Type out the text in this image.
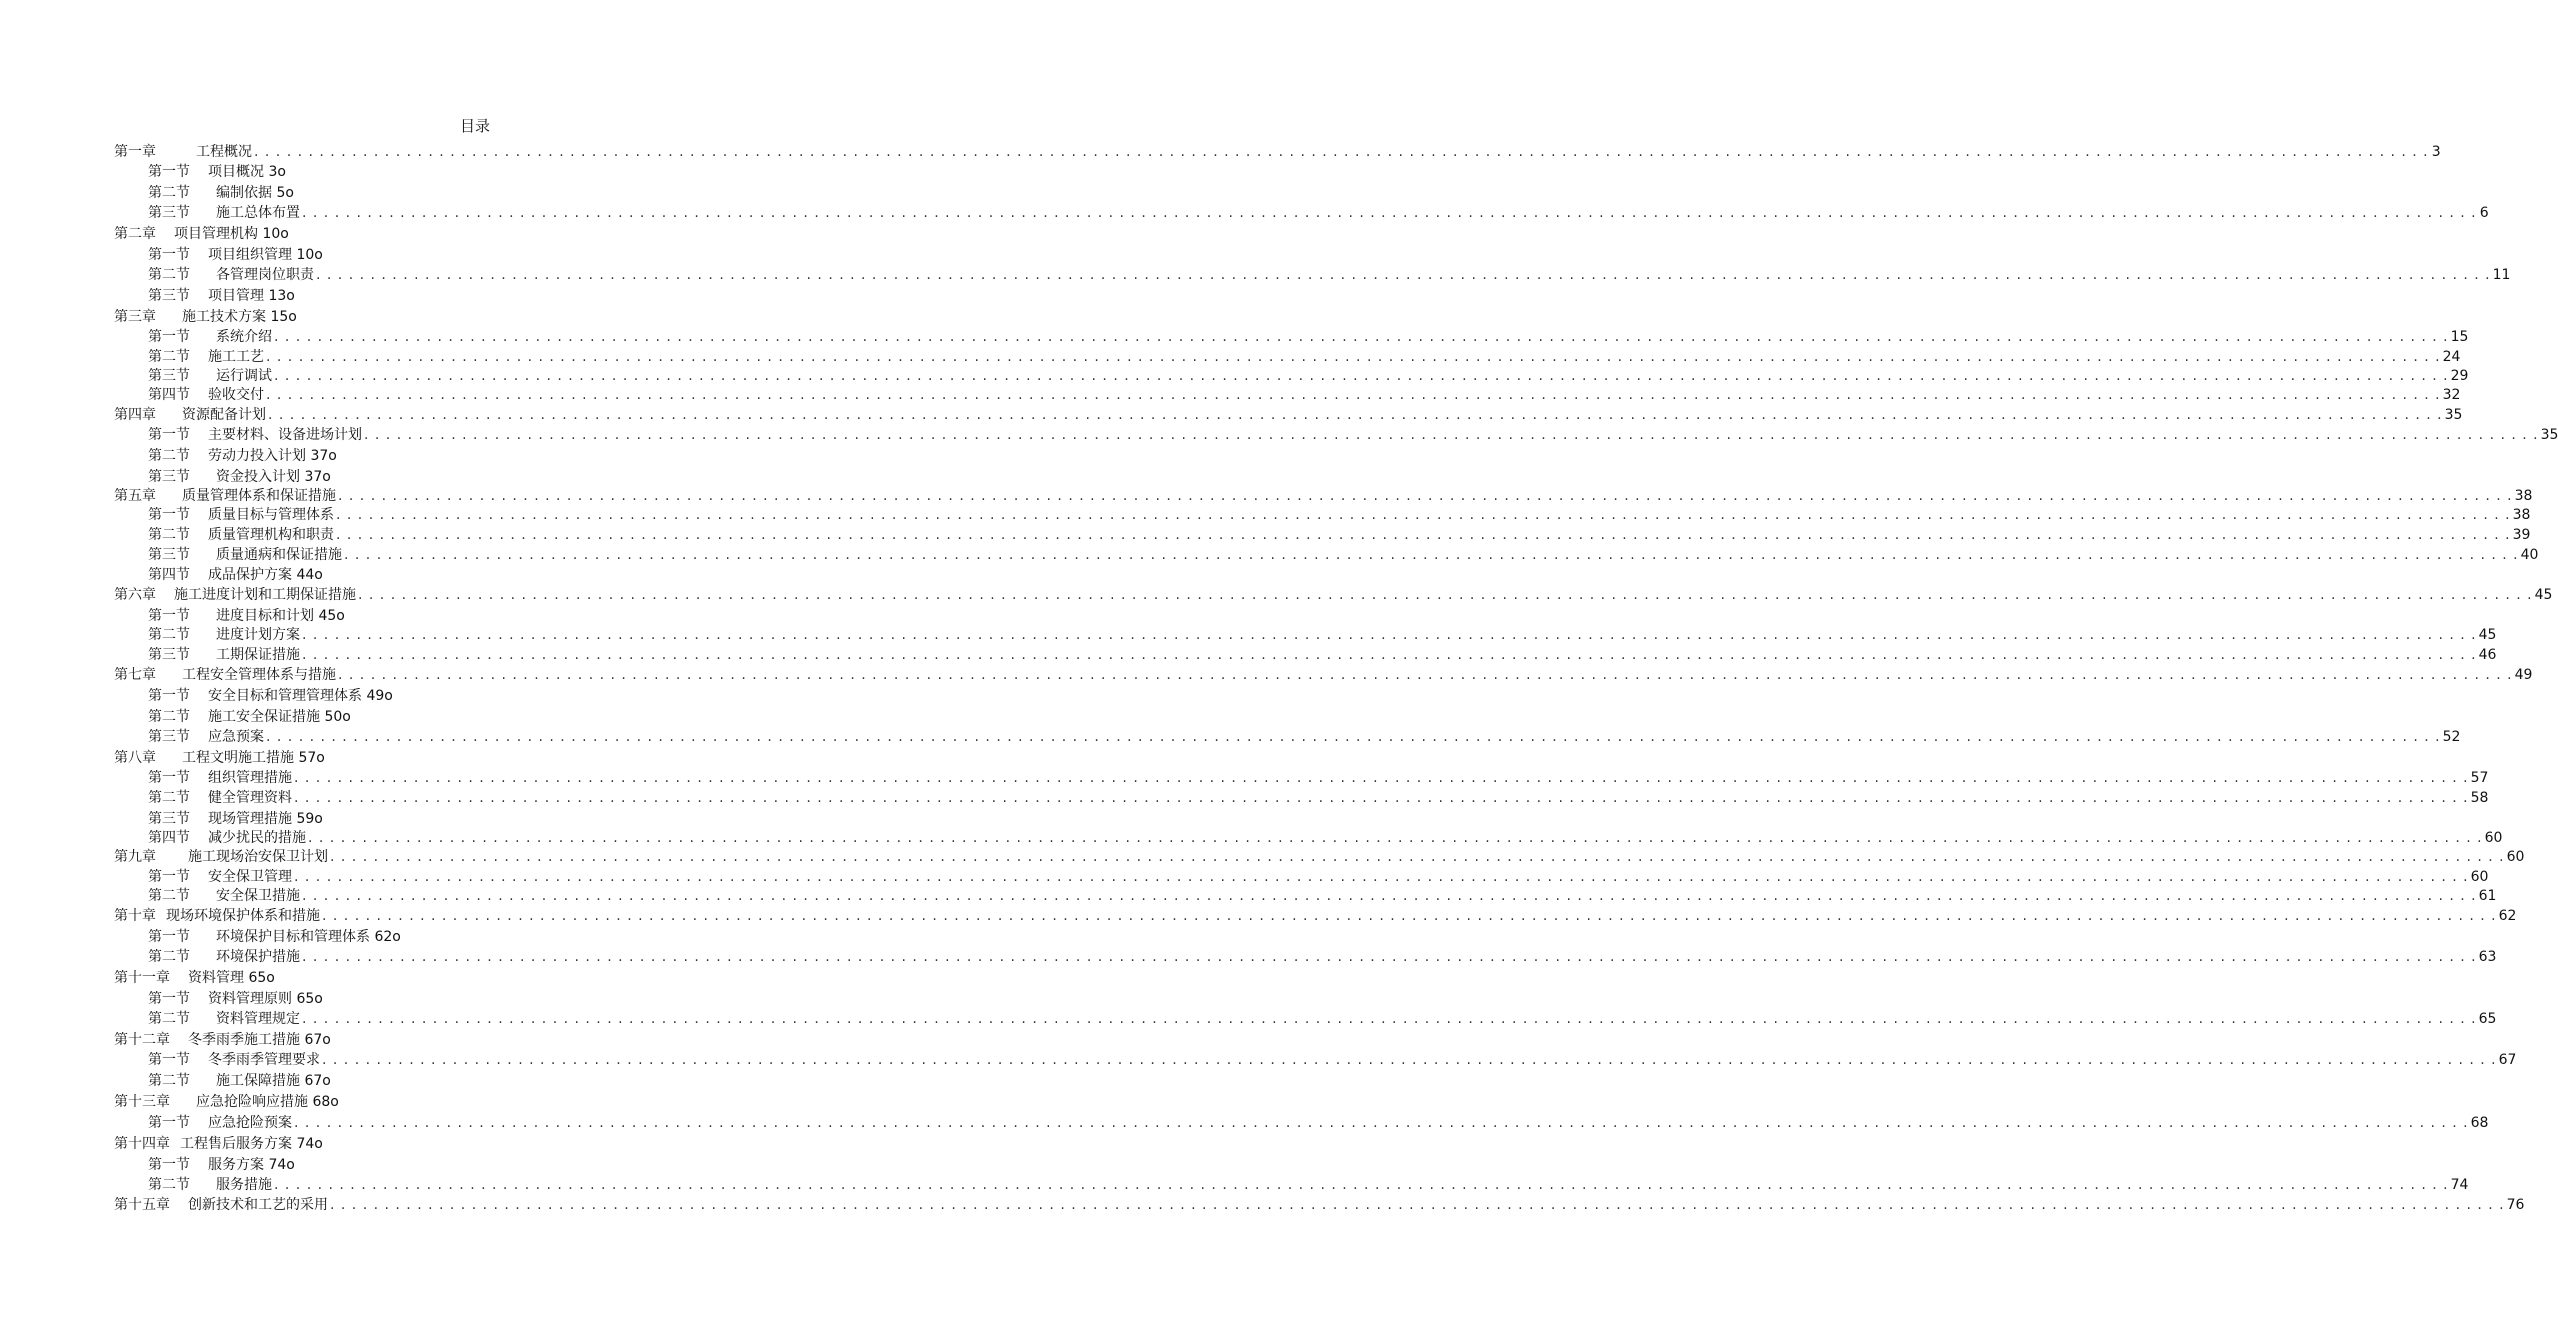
目录
第一章	工程概况 . . . . . . . . . . . . . . . . . . . . . . . . . . . . . . . . . . . . . . . . . . . . . . . . . . . . . . . . . . . . . . . . . . . . . . . . . . . . . . . . . . . . . . . . . . . . . . . . . . . . . . . . . . . . . . . . . . . . . . . . . . . . . . . . . . . . . . . . . . . . . . . . . . . . . . . . . . . . . . . . . . . . . . . . . . . . . . . . . . . . . . . . . . . . . . . . . . . . . . . . 3
第一节 项目概况 3o
第二节 编制依据 5o
第三节 施工总体布置 . . . . . . . . . . . . . . . . . . . . . . . . . . . . . . . . . . . . . . . . . . . . . . . . . . . . . . . . . . . . . . . . . . . . . . . . . . . . . . . . . . . . . . . . . . . . . . . . . . . . . . . . . . . . . . . . . . . . . . . . . . . . . . . . . . . . . . . . . . . . . . . . . . . . . . . . . . . . . . . . . . . . . . . . . . . . . . . . . . . . . . . . . . . . . . . . . . . . . . . . 6
第二章 项目管理机构 10o
第一节 项目组织管理 10o
第二节 各管理岗位职责 . . . . . . . . . . . . . . . . . . . . . . . . . . . . . . . . . . . . . . . . . . . . . . . . . . . . . . . . . . . . . . . . . . . . . . . . . . . . . . . . . . . . . . . . . . . . . . . . . . . . . . . . . . . . . . . . . . . . . . . . . . . . . . . . . . . . . . . . . . . . . . . . . . . . . . . . . . . . . . . . . . . . . . . . . . . . . . . . . . . . . . . . . . . . . . . . . . . . . . . . 11
第三节 项目管理 13o
第三章 施工技术方案 15o
第一节 系统介绍 . . . . . . . . . . . . . . . . . . . . . . . . . . . . . . . . . . . . . . . . . . . . . . . . . . . . . . . . . . . . . . . . . . . . . . . . . . . . . . . . . . . . . . . . . . . . . . . . . . . . . . . . . . . . . . . . . . . . . . . . . . . . . . . . . . . . . . . . . . . . . . . . . . . . . . . . . . . . . . . . . . . . . . . . . . . . . . . . . . . . . . . . . . . . . . . . . . . . . . . . 15
第二节 施工工艺 . . . . . . . . . . . . . . . . . . . . . . . . . . . . . . . . . . . . . . . . . . . . . . . . . . . . . . . . . . . . . . . . . . . . . . . . . . . . . . . . . . . . . . . . . . . . . . . . . . . . . . . . . . . . . . . . . . . . . . . . . . . . . . . . . . . . . . . . . . . . . . . . . . . . . . . . . . . . . . . . . . . . . . . . . . . . . . . . . . . . . . . . . . . . . . . . . . . . . . . . 24
第三节 运行调试 . . . . . . . . . . . . . . . . . . . . . . . . . . . . . . . . . . . . . . . . . . . . . . . . . . . . . . . . . . . . . . . . . . . . . . . . . . . . . . . . . . . . . . . . . . . . . . . . . . . . . . . . . . . . . . . . . . . . . . . . . . . . . . . . . . . . . . . . . . . . . . . . . . . . . . . . . . . . . . . . . . . . . . . . . . . . . . . . . . . . . . . . . . . . . . . . . . . . . . . . 29
第四节 验收交付 . . . . . . . . . . . . . . . . . . . . . . . . . . . . . . . . . . . . . . . . . . . . . . . . . . . . . . . . . . . . . . . . . . . . . . . . . . . . . . . . . . . . . . . . . . . . . . . . . . . . . . . . . . . . . . . . . . . . . . . . . . . . . . . . . . . . . . . . . . . . . . . . . . . . . . . . . . . . . . . . . . . . . . . . . . . . . . . . . . . . . . . . . . . . . . . . . . . . . . . . 32
第四章 资源配备计划 . . . . . . . . . . . . . . . . . . . . . . . . . . . . . . . . . . . . . . . . . . . . . . . . . . . . . . . . . . . . . . . . . . . . . . . . . . . . . . . . . . . . . . . . . . . . . . . . . . . . . . . . . . . . . . . . . . . . . . . . . . . . . . . . . . . . . . . . . . . . . . . . . . . . . . . . . . . . . . . . . . . . . . . . . . . . . . . . . . . . . . . . . . . . . . . . . . . . . . . . 35
第一节 主要材料、设备进场计划 . . . . . . . . . . . . . . . . . . . . . . . . . . . . . . . . . . . . . . . . . . . . . . . . . . . . . . . . . . . . . . . . . . . . . . . . . . . . . . . . . . . . . . . . . . . . . . . . . . . . . . . . . . . . . . . . . . . . . . . . . . . . . . . . . . . . . . . . . . . . . . . . . . . . . . . . . . . . . . . . . . . . . . . . . . . . . . . . . . . . . . . . . . . . . . . . . . . . . . . . 35
第二节 劳动力投入计划 37o
第三节 资金投入计划 37o
第五章 质量管理体系和保证措施 . . . . . . . . . . . . . . . . . . . . . . . . . . . . . . . . . . . . . . . . . . . . . . . . . . . . . . . . . . . . . . . . . . . . . . . . . . . . . . . . . . . . . . . . . . . . . . . . . . . . . . . . . . . . . . . . . . . . . . . . . . . . . . . . . . . . . . . . . . . . . . . . . . . . . . . . . . . . . . . . . . . . . . . . . . . . . . . . . . . . . . . . . . . . . . . . . . . . . . . . 38
第一节 质量目标与管理体系 . . . . . . . . . . . . . . . . . . . . . . . . . . . . . . . . . . . . . . . . . . . . . . . . . . . . . . . . . . . . . . . . . . . . . . . . . . . . . . . . . . . . . . . . . . . . . . . . . . . . . . . . . . . . . . . . . . . . . . . . . . . . . . . . . . . . . . . . . . . . . . . . . . . . . . . . . . . . . . . . . . . . . . . . . . . . . . . . . . . . . . . . . . . . . . . . . . . . . . . . 38
第二节 质量管理机构和职责 . . . . . . . . . . . . . . . . . . . . . . . . . . . . . . . . . . . . . . . . . . . . . . . . . . . . . . . . . . . . . . . . . . . . . . . . . . . . . . . . . . . . . . . . . . . . . . . . . . . . . . . . . . . . . . . . . . . . . . . . . . . . . . . . . . . . . . . . . . . . . . . . . . . . . . . . . . . . . . . . . . . . . . . . . . . . . . . . . . . . . . . . . . . . . . . . . . . . . . . . 39
第三节 质量通病和保证措施 . . . . . . . . . . . . . . . . . . . . . . . . . . . . . . . . . . . . . . . . . . . . . . . . . . . . . . . . . . . . . . . . . . . . . . . . . . . . . . . . . . . . . . . . . . . . . . . . . . . . . . . . . . . . . . . . . . . . . . . . . . . . . . . . . . . . . . . . . . . . . . . . . . . . . . . . . . . . . . . . . . . . . . . . . . . . . . . . . . . . . . . . . . . . . . . . . . . . . . . . 40
第四节 成品保护方案 44o
第六章 施工进度计划和工期保证措施 . . . . . . . . . . . . . . . . . . . . . . . . . . . . . . . . . . . . . . . . . . . . . . . . . . . . . . . . . . . . . . . . . . . . . . . . . . . . . . . . . . . . . . . . . . . . . . . . . . . . . . . . . . . . . . . . . . . . . . . . . . . . . . . . . . . . . . . . . . . . . . . . . . . . . . . . . . . . . . . . . . . . . . . . . . . . . . . . . . . . . . . . . . . . . . . . . . . . . . . . 45
第一节 进度目标和计划 45o
第二节 进度计划方案 . . . . . . . . . . . . . . . . . . . . . . . . . . . . . . . . . . . . . . . . . . . . . . . . . . . . . . . . . . . . . . . . . . . . . . . . . . . . . . . . . . . . . . . . . . . . . . . . . . . . . . . . . . . . . . . . . . . . . . . . . . . . . . . . . . . . . . . . . . . . . . . . . . . . . . . . . . . . . . . . . . . . . . . . . . . . . . . . . . . . . . . . . . . . . . . . . . . . . . . . 45
第三节 工期保证措施 . . . . . . . . . . . . . . . . . . . . . . . . . . . . . . . . . . . . . . . . . . . . . . . . . . . . . . . . . . . . . . . . . . . . . . . . . . . . . . . . . . . . . . . . . . . . . . . . . . . . . . . . . . . . . . . . . . . . . . . . . . . . . . . . . . . . . . . . . . . . . . . . . . . . . . . . . . . . . . . . . . . . . . . . . . . . . . . . . . . . . . . . . . . . . . . . . . . . . . . . 46
第七章 工程安全管理体系与措施 . . . . . . . . . . . . . . . . . . . . . . . . . . . . . . . . . . . . . . . . . . . . . . . . . . . . . . . . . . . . . . . . . . . . . . . . . . . . . . . . . . . . . . . . . . . . . . . . . . . . . . . . . . . . . . . . . . . . . . . . . . . . . . . . . . . . . . . . . . . . . . . . . . . . . . . . . . . . . . . . . . . . . . . . . . . . . . . . . . . . . . . . . . . . . . . . . . . . . . . . 49
第一节 安全目标和管理管理体系 49o
第二节 施工安全保证措施 50o
第三节 应急预案 . . . . . . . . . . . . . . . . . . . . . . . . . . . . . . . . . . . . . . . . . . . . . . . . . . . . . . . . . . . . . . . . . . . . . . . . . . . . . . . . . . . . . . . . . . . . . . . . . . . . . . . . . . . . . . . . . . . . . . . . . . . . . . . . . . . . . . . . . . . . . . . . . . . . . . . . . . . . . . . . . . . . . . . . . . . . . . . . . . . . . . . . . . . . . . . . . . . . . . . . 52
第八章 工程文明施工措施 57o
第一节 组织管理措施 . . . . . . . . . . . . . . . . . . . . . . . . . . . . . . . . . . . . . . . . . . . . . . . . . . . . . . . . . . . . . . . . . . . . . . . . . . . . . . . . . . . . . . . . . . . . . . . . . . . . . . . . . . . . . . . . . . . . . . . . . . . . . . . . . . . . . . . . . . . . . . . . . . . . . . . . . . . . . . . . . . . . . . . . . . . . . . . . . . . . . . . . . . . . . . . . . . . . . . . . 57
第二节 健全管理资料 . . . . . . . . . . . . . . . . . . . . . . . . . . . . . . . . . . . . . . . . . . . . . . . . . . . . . . . . . . . . . . . . . . . . . . . . . . . . . . . . . . . . . . . . . . . . . . . . . . . . . . . . . . . . . . . . . . . . . . . . . . . . . . . . . . . . . . . . . . . . . . . . . . . . . . . . . . . . . . . . . . . . . . . . . . . . . . . . . . . . . . . . . . . . . . . . . . . . . . . . 58
第三节 现场管理措施 59o
第四节 减少扰民的措施 . . . . . . . . . . . . . . . . . . . . . . . . . . . . . . . . . . . . . . . . . . . . . . . . . . . . . . . . . . . . . . . . . . . . . . . . . . . . . . . . . . . . . . . . . . . . . . . . . . . . . . . . . . . . . . . . . . . . . . . . . . . . . . . . . . . . . . . . . . . . . . . . . . . . . . . . . . . . . . . . . . . . . . . . . . . . . . . . . . . . . . . . . . . . . . . . . . . . . . . . 60
第九章 施工现场治安保卫计划 . . . . . . . . . . . . . . . . . . . . . . . . . . . . . . . . . . . . . . . . . . . . . . . . . . . . . . . . . . . . . . . . . . . . . . . . . . . . . . . . . . . . . . . . . . . . . . . . . . . . . . . . . . . . . . . . . . . . . . . . . . . . . . . . . . . . . . . . . . . . . . . . . . . . . . . . . . . . . . . . . . . . . . . . . . . . . . . . . . . . . . . . . . . . . . . . . . . . . . . . 60
第一节 安全保卫管理 . . . . . . . . . . . . . . . . . . . . . . . . . . . . . . . . . . . . . . . . . . . . . . . . . . . . . . . . . . . . . . . . . . . . . . . . . . . . . . . . . . . . . . . . . . . . . . . . . . . . . . . . . . . . . . . . . . . . . . . . . . . . . . . . . . . . . . . . . . . . . . . . . . . . . . . . . . . . . . . . . . . . . . . . . . . . . . . . . . . . . . . . . . . . . . . . . . . . . . . . 60
第二节 安全保卫措施 . . . . . . . . . . . . . . . . . . . . . . . . . . . . . . . . . . . . . . . . . . . . . . . . . . . . . . . . . . . . . . . . . . . . . . . . . . . . . . . . . . . . . . . . . . . . . . . . . . . . . . . . . . . . . . . . . . . . . . . . . . . . . . . . . . . . . . . . . . . . . . . . . . . . . . . . . . . . . . . . . . . . . . . . . . . . . . . . . . . . . . . . . . . . . . . . . . . . . . . . 61
第十章 现场环境保护体系和措施 . . . . . . . . . . . . . . . . . . . . . . . . . . . . . . . . . . . . . . . . . . . . . . . . . . . . . . . . . . . . . . . . . . . . . . . . . . . . . . . . . . . . . . . . . . . . . . . . . . . . . . . . . . . . . . . . . . . . . . . . . . . . . . . . . . . . . . . . . . . . . . . . . . . . . . . . . . . . . . . . . . . . . . . . . . . . . . . . . . . . . . . . . . . . . . . . . . . . . . . . 62
第一节 环境保护目标和管理体系 62o
第二节 环境保护措施 . . . . . . . . . . . . . . . . . . . . . . . . . . . . . . . . . . . . . . . . . . . . . . . . . . . . . . . . . . . . . . . . . . . . . . . . . . . . . . . . . . . . . . . . . . . . . . . . . . . . . . . . . . . . . . . . . . . . . . . . . . . . . . . . . . . . . . . . . . . . . . . . . . . . . . . . . . . . . . . . . . . . . . . . . . . . . . . . . . . . . . . . . . . . . . . . . . . . . . . . 63
第十一章 资料管理 65o
第一节 资料管理原则 65o
第二节 资料管理规定 . . . . . . . . . . . . . . . . . . . . . . . . . . . . . . . . . . . . . . . . . . . . . . . . . . . . . . . . . . . . . . . . . . . . . . . . . . . . . . . . . . . . . . . . . . . . . . . . . . . . . . . . . . . . . . . . . . . . . . . . . . . . . . . . . . . . . . . . . . . . . . . . . . . . . . . . . . . . . . . . . . . . . . . . . . . . . . . . . . . . . . . . . . . . . . . . . . . . . . . . 65
第十二章 冬季雨季施工措施 67o
第一节 冬季雨季管理要求 . . . . . . . . . . . . . . . . . . . . . . . . . . . . . . . . . . . . . . . . . . . . . . . . . . . . . . . . . . . . . . . . . . . . . . . . . . . . . . . . . . . . . . . . . . . . . . . . . . . . . . . . . . . . . . . . . . . . . . . . . . . . . . . . . . . . . . . . . . . . . . . . . . . . . . . . . . . . . . . . . . . . . . . . . . . . . . . . . . . . . . . . . . . . . . . . . . . . . . . . 67
第二节 施工保障措施 67o
第十三章 应急抢险响应措施 68o
第一节 应急抢险预案 . . . . . . . . . . . . . . . . . . . . . . . . . . . . . . . . . . . . . . . . . . . . . . . . . . . . . . . . . . . . . . . . . . . . . . . . . . . . . . . . . . . . . . . . . . . . . . . . . . . . . . . . . . . . . . . . . . . . . . . . . . . . . . . . . . . . . . . . . . . . . . . . . . . . . . . . . . . . . . . . . . . . . . . . . . . . . . . . . . . . . . . . . . . . . . . . . . . . . . . . 68
第十四章 工程售后服务方案 74o
第一节 服务方案 74o
第二节 服务措施 . . . . . . . . . . . . . . . . . . . . . . . . . . . . . . . . . . . . . . . . . . . . . . . . . . . . . . . . . . . . . . . . . . . . . . . . . . . . . . . . . . . . . . . . . . . . . . . . . . . . . . . . . . . . . . . . . . . . . . . . . . . . . . . . . . . . . . . . . . . . . . . . . . . . . . . . . . . . . . . . . . . . . . . . . . . . . . . . . . . . . . . . . . . . . . . . . . . . . . . . 74
第十五章 创新技术和工艺的采用 . . . . . . . . . . . . . . . . . . . . . . . . . . . . . . . . . . . . . . . . . . . . . . . . . . . . . . . . . . . . . . . . . . . . . . . . . . . . . . . . . . . . . . . . . . . . . . . . . . . . . . . . . . . . . . . . . . . . . . . . . . . . . . . . . . . . . . . . . . . . . . . . . . . . . . . . . . . . . . . . . . . . . . . . . . . . . . . . . . . . . . . . . . . . . . . . . . . . . . . . 76
